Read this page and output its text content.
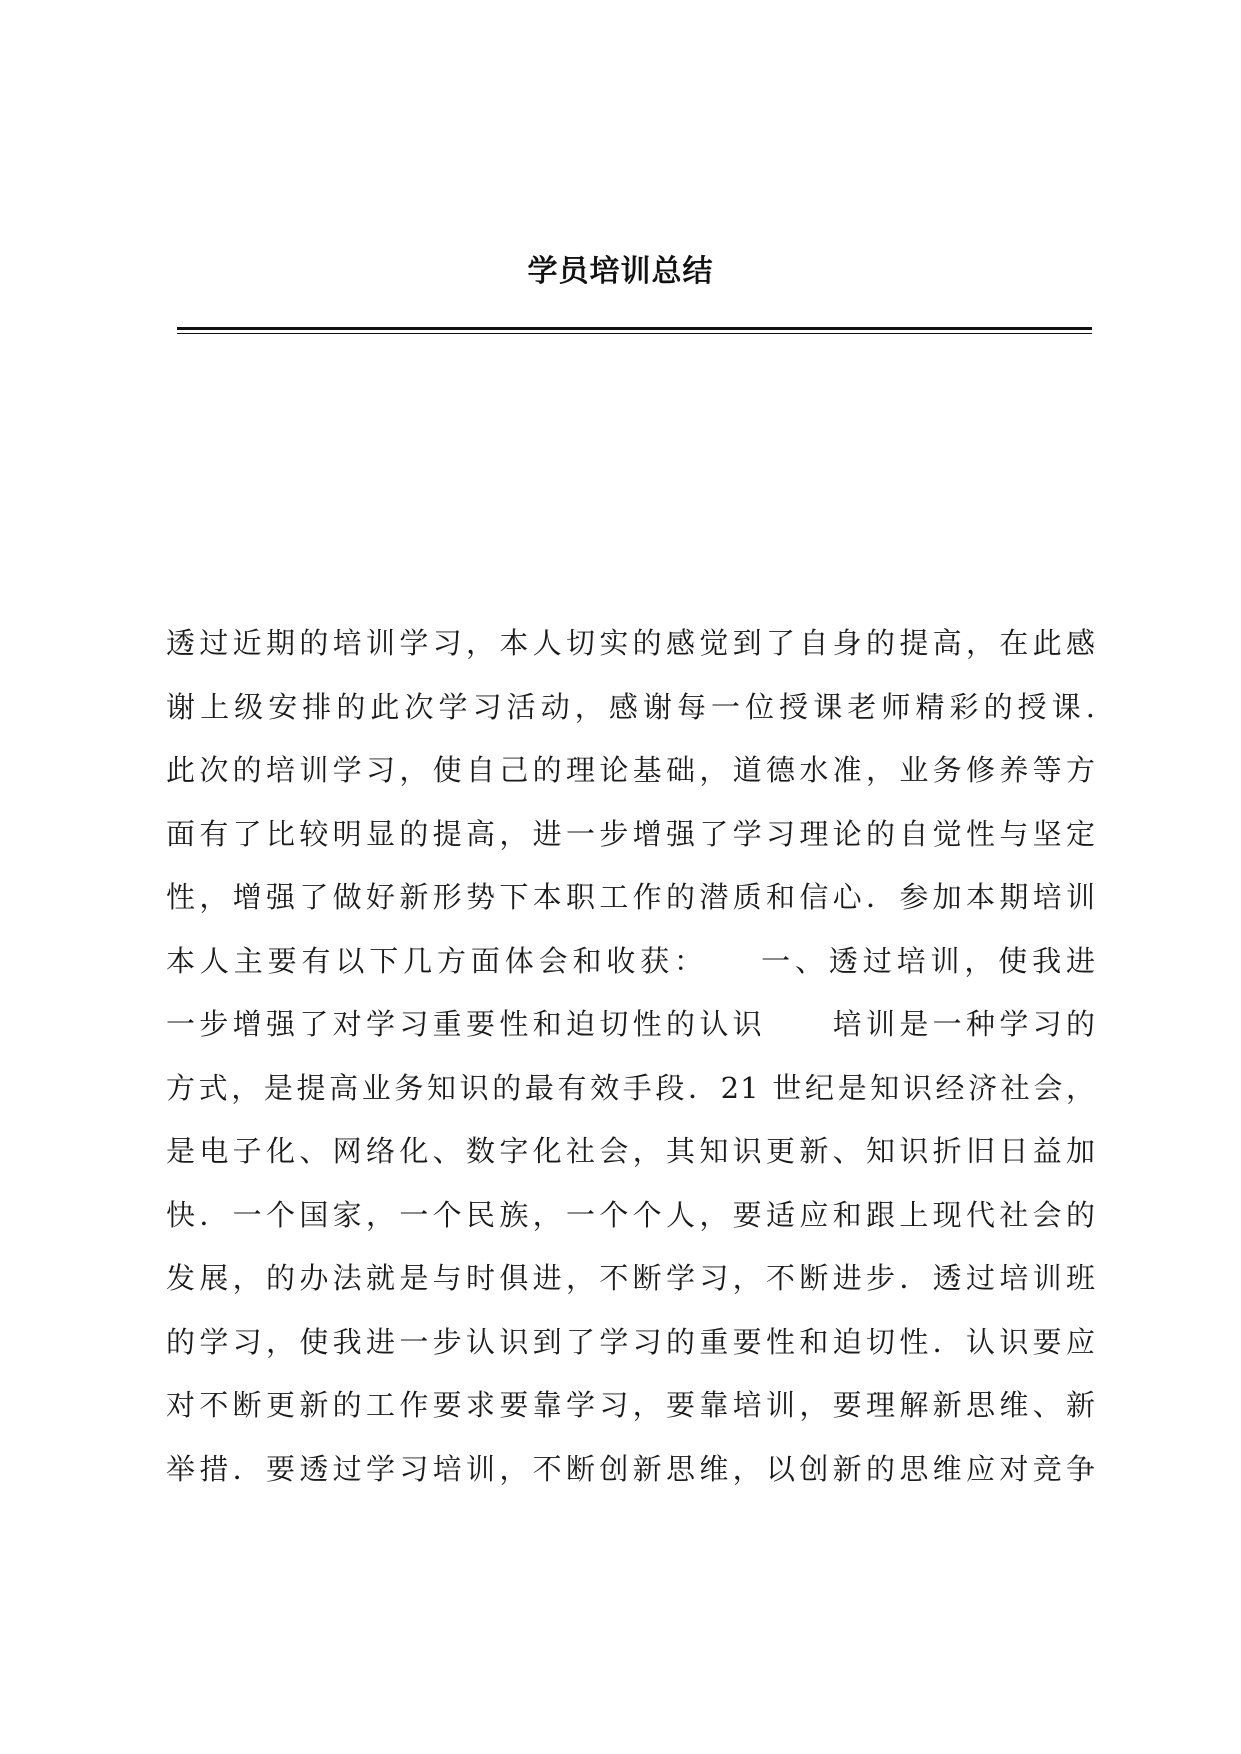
学员培训总结
透过近期的培训学习，本人切实的感觉到了自身的提高，在此感
谢上级安排的此次学习活动，感谢每一位授课老师精彩的授课.
此次的培训学习，使自己的理论基础，道德水准，业务修养等方
面有了比较明显的提高，进一步增强了学习理论的自觉性与坚定
性，增强了做好新形势下本职工作的潜质和信心．参加本期培训
本人主要有以下几方面体会和收获：　　一、透过培训，使我进
一步增强了对学习重要性和迫切性的认识　　培训是一种学习的
方式，是提高业务知识的最有效手段．21 世纪是知识经济社会，
是电子化、网络化、数字化社会，其知识更新、知识折旧日益加
快．一个国家，一个民族，一个个人，要适应和跟上现代社会的
发展，的办法就是与时俱进，不断学习，不断进步．透过培训班
的学习，使我进一步认识到了学习的重要性和迫切性．认识要应
对不断更新的工作要求要靠学习，要靠培训，要理解新思维、新
举措．要透过学习培训，不断创新思维，以创新的思维应对竞争
